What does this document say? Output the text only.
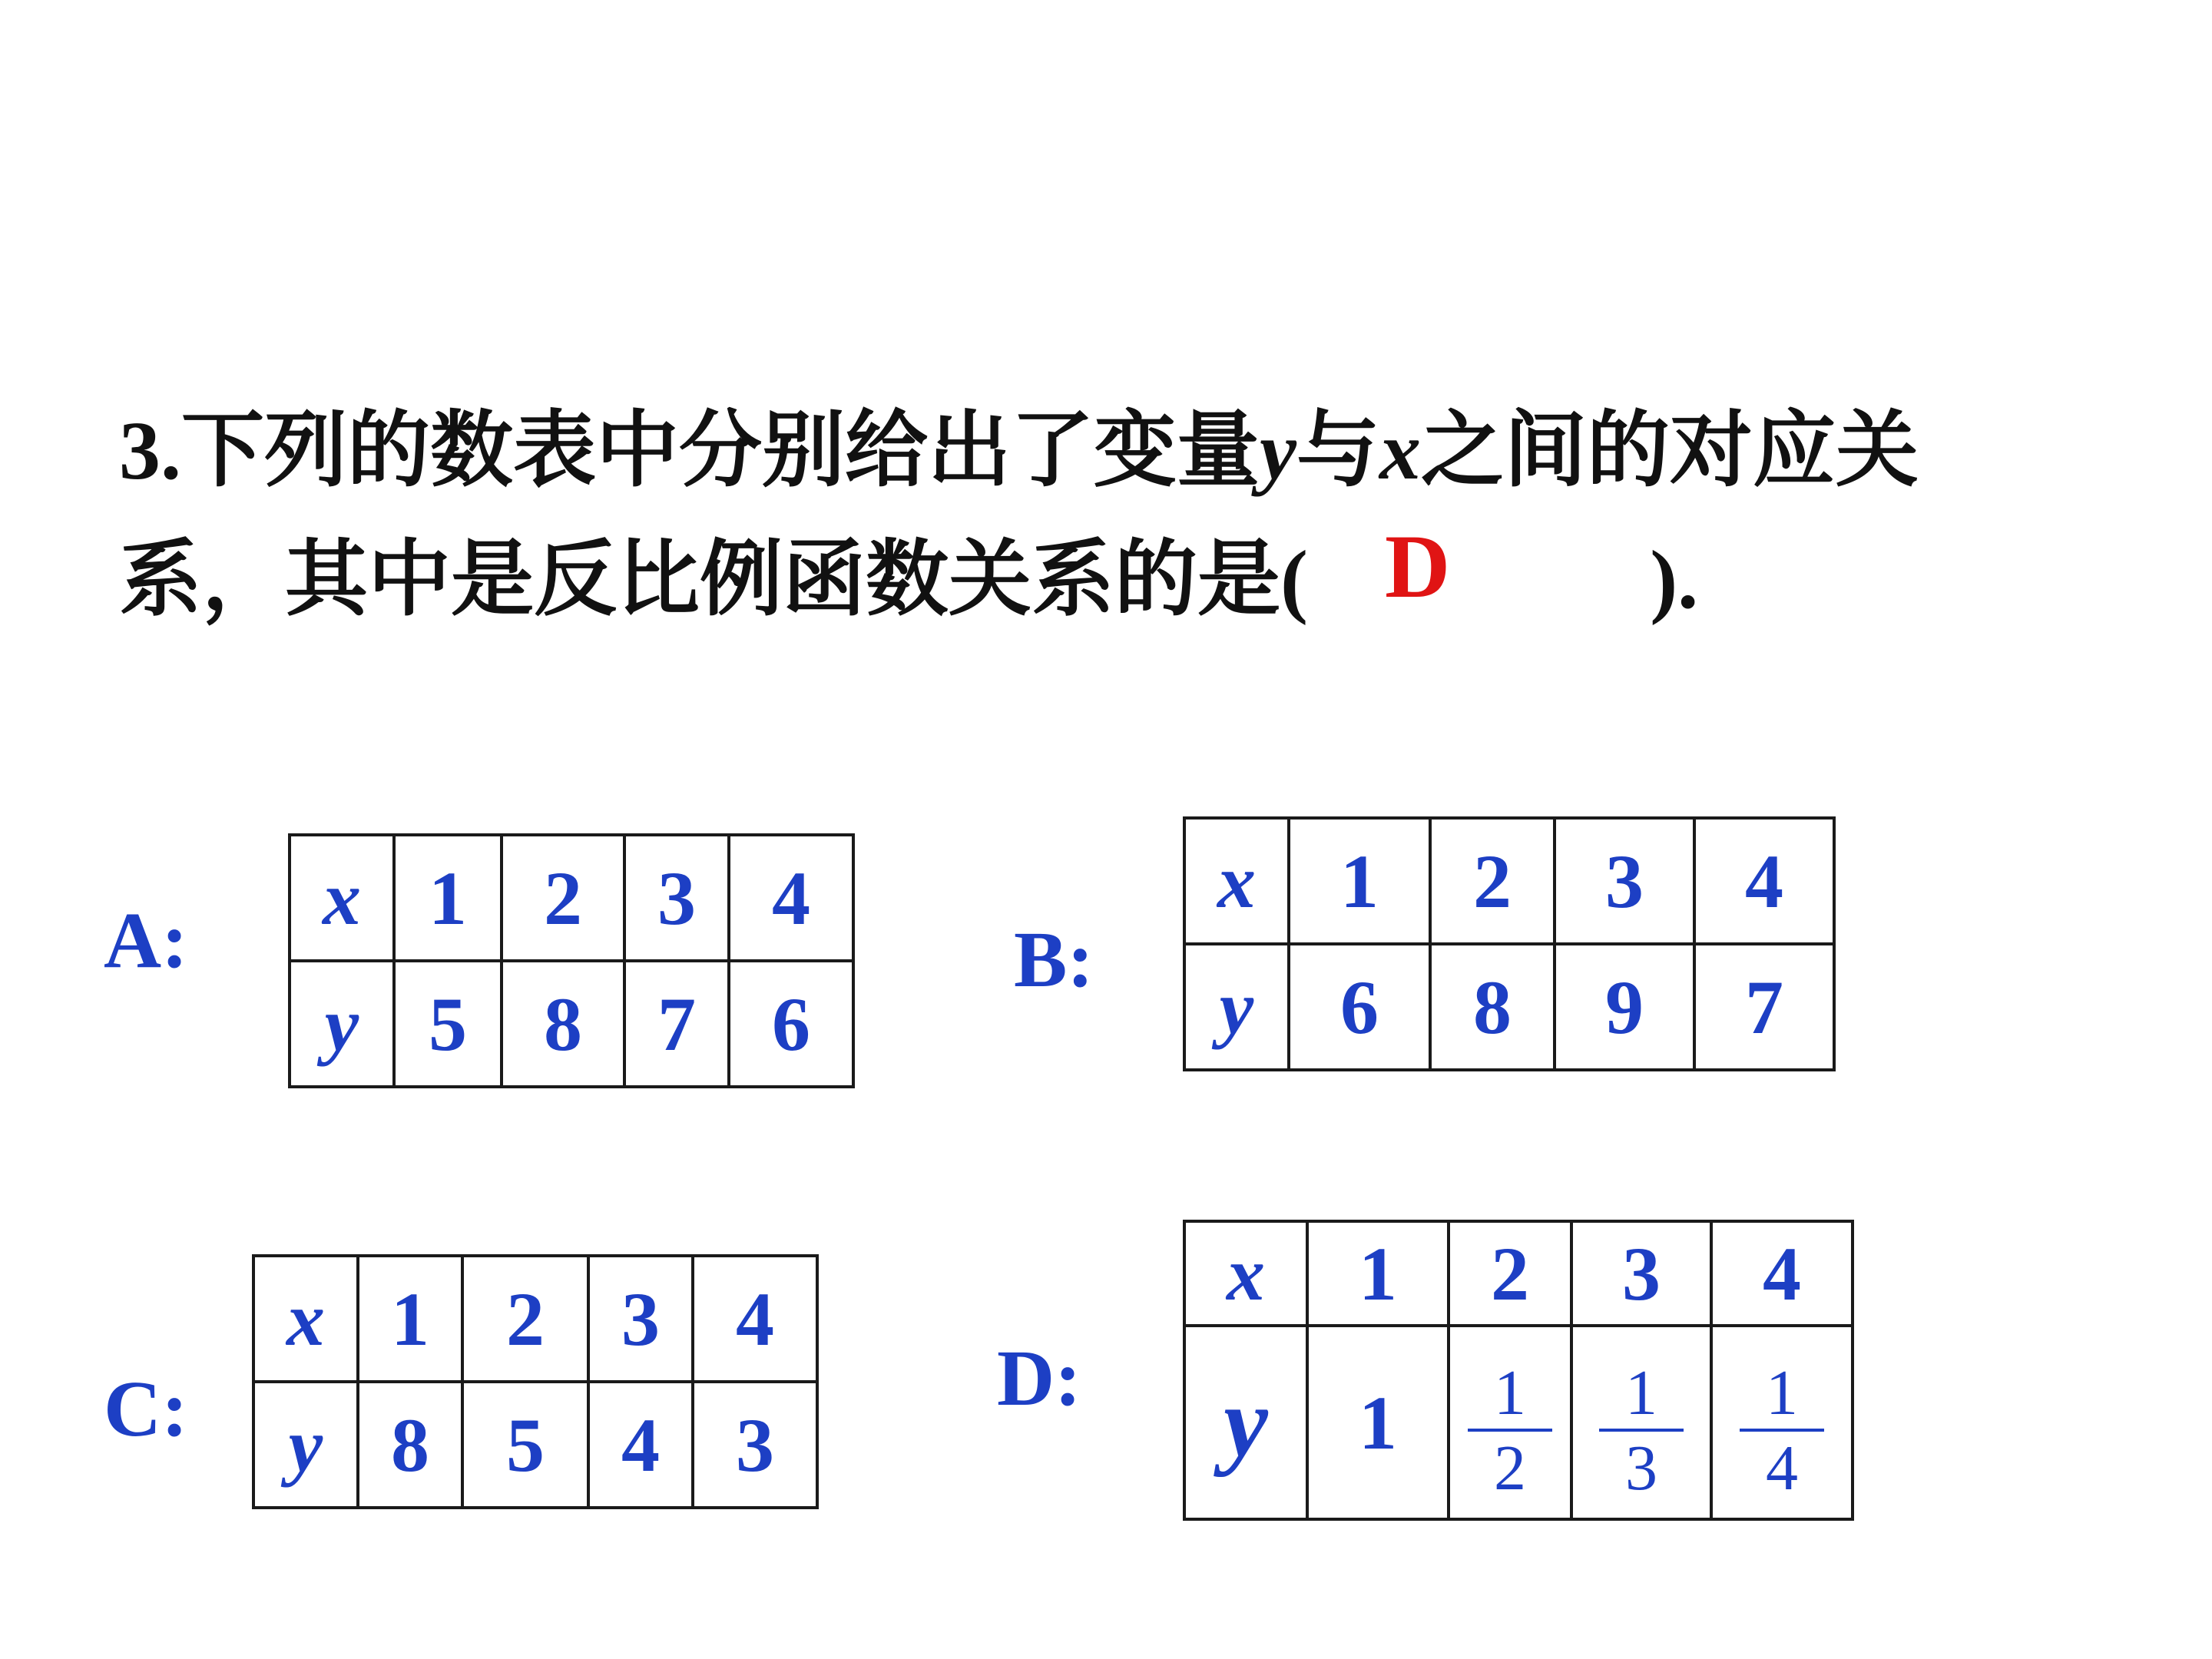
3.下列的数表中分别给出了变量y与x之间的对应关
系，其中是反比例函数关系的是( D ).
A: x	1	2	3	4
y	5	8	7	6
B:
x	1	2	3	4
y	6	8	9	7
C:
x	1	2	3	4
y	8	5	4	3
D:
x	1	2	3	4
y	1	$\frac{1}{2}$	$\frac{1}{3}$	$\frac{1}{4}$
